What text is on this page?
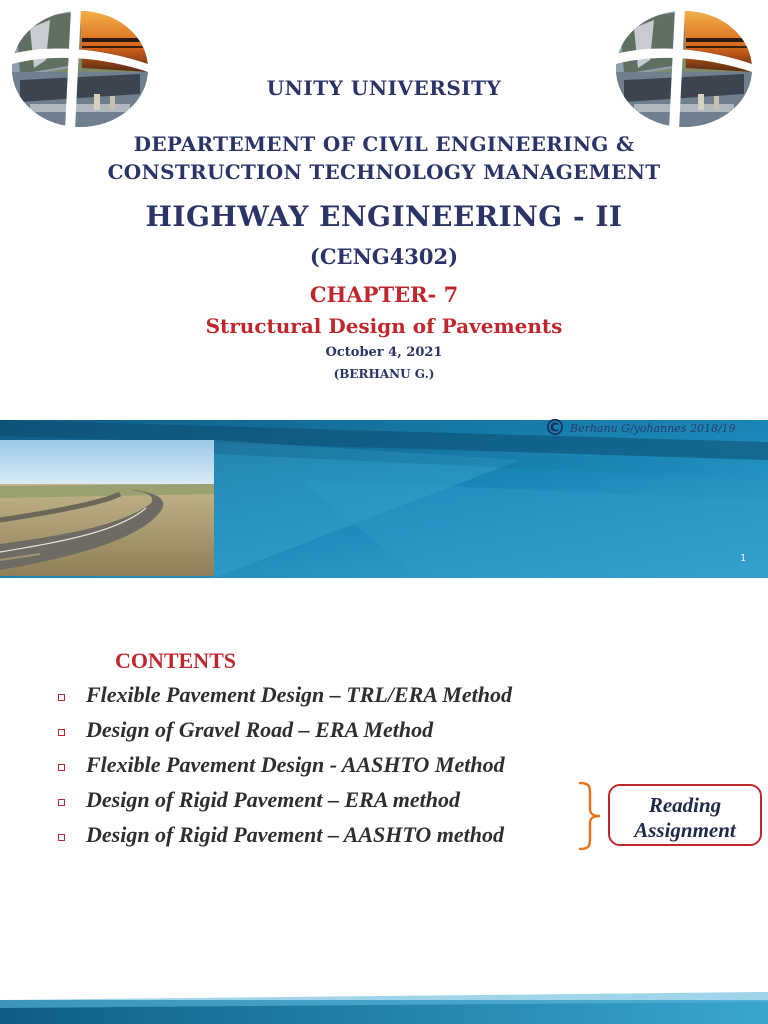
UNITY UNIVERSITY
DEPARTEMENT OF CIVIL ENGINEERING &
CONSTRUCTION TECHNOLOGY MANAGEMENT
HIGHWAY ENGINEERING - II
(CENG4302)
CHAPTER- 7
Structural Design of Pavements
October 4, 2021
(BERHANU G.)
© Berhanu G/yohannes 2018/19
1
CONTENTS
Flexible Pavement Design – TRL/ERA Method
Design of Gravel Road – ERA Method
Flexible Pavement Design - AASHTO Method
Design of Rigid Pavement – ERA method
Design of Rigid Pavement – AASHTO method
Reading
Assignment
